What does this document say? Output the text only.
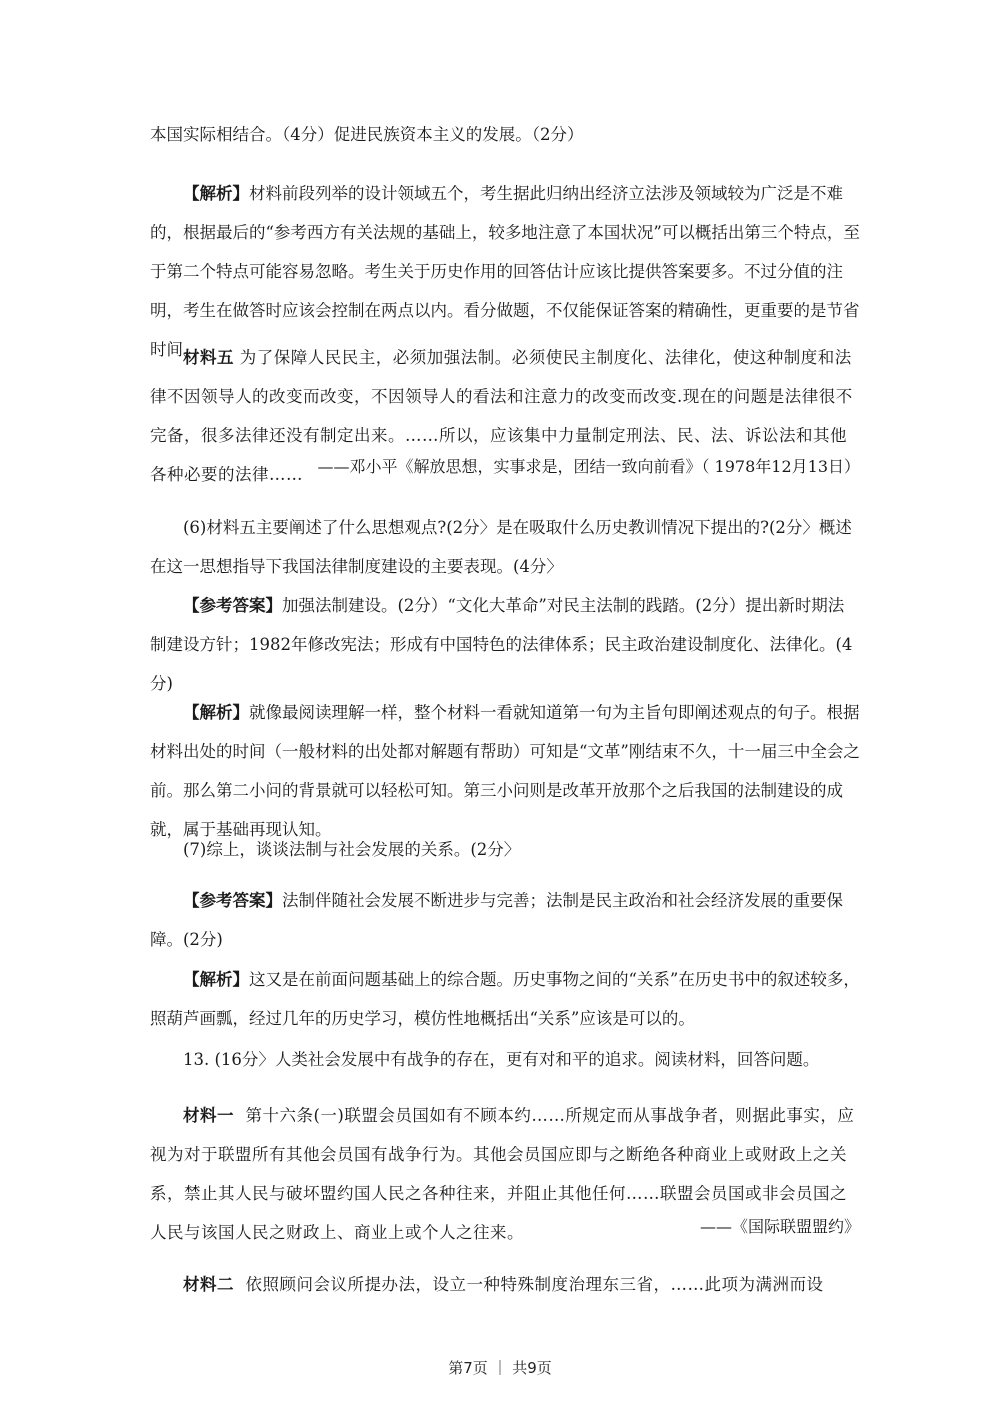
本国实际相结合。（4分）促进民族资本主义的发展。（2分）
【解析】材料前段列举的设计领域五个，考生据此归纳出经济立法涉及领域较为广泛是不难的，根据最后的“参考西方有关法规的基础上，较多地注意了本国状况”可以概括出第三个特点，至于第二个特点可能容易忽略。考生关于历史作用的回答估计应该比提供答案要多。不过分值的注明，考生在做答时应该会控制在两点以内。看分做题，不仅能保证答案的精确性，更重要的是节省时间。
材料五 为了保障人民民主，必须加强法制。必须使民主制度化、法律化，使这种制度和法律不因领导人的改变而改变，不因领导人的看法和注意力的改变而改变.现在的问题是法律很不完备，很多法律还没有制定出来。……所以，应该集中力量制定刑法、民、法、诉讼法和其他各种必要的法律…… ——邓小平《解放思想，实事求是，团结一致向前看》（ 1978年12月13日）
(6)材料五主要阐述了什么思想观点?(2分〉是在吸取什么历史教训情况下提出的?(2分〉概述在这一思想指导下我国法律制度建设的主要表现。(4分〉
【参考答案】加强法制建设。(2分）“文化大革命”对民主法制的践踏。(2分）提出新时期法制建设方针；1982年修改宪法；形成有中国特色的法律体系；民主政治建设制度化、法律化。(4分)
【解析】就像最阅读理解一样，整个材料一看就知道第一句为主旨句即阐述观点的句子。根据材料出处的时间（一般材料的出处都对解题有帮助）可知是“文革”刚结束不久，十一届三中全会之前。那么第二小问的背景就可以轻松可知。第三小问则是改革开放那个之后我国的法制建设的成就，属于基础再现认知。
(7)综上，谈谈法制与社会发展的关系。(2分〉
【参考答案】法制伴随社会发展不断进步与完善；法制是民主政治和社会经济发展的重要保障。(2分)
【解析】这又是在前面问题基础上的综合题。历史事物之间的“关系”在历史书中的叙述较多，照葫芦画瓢，经过几年的历史学习，模仿性地概括出“关系”应该是可以的。
13. (16分〉人类社会发展中有战争的存在，更有对和平的追求。阅读材料，回答问题。
材料一 第十六条(一)联盟会员国如有不顾本约……所规定而从事战争者，则据此事实，应视为对于联盟所有其他会员国有战争行为。其他会员国应即与之断绝各种商业上或财政上之关系，禁止其人民与破坏盟约国人民之各种往来，并阻止其他任何……联盟会员国或非会员国之人民与该国人民之财政上、商业上或个人之往来。	——《国际联盟盟约》
材料二 依照顾问会议所提办法，设立一种特殊制度治理东三省，……此项为满洲而设
第7页 ｜ 共9页
